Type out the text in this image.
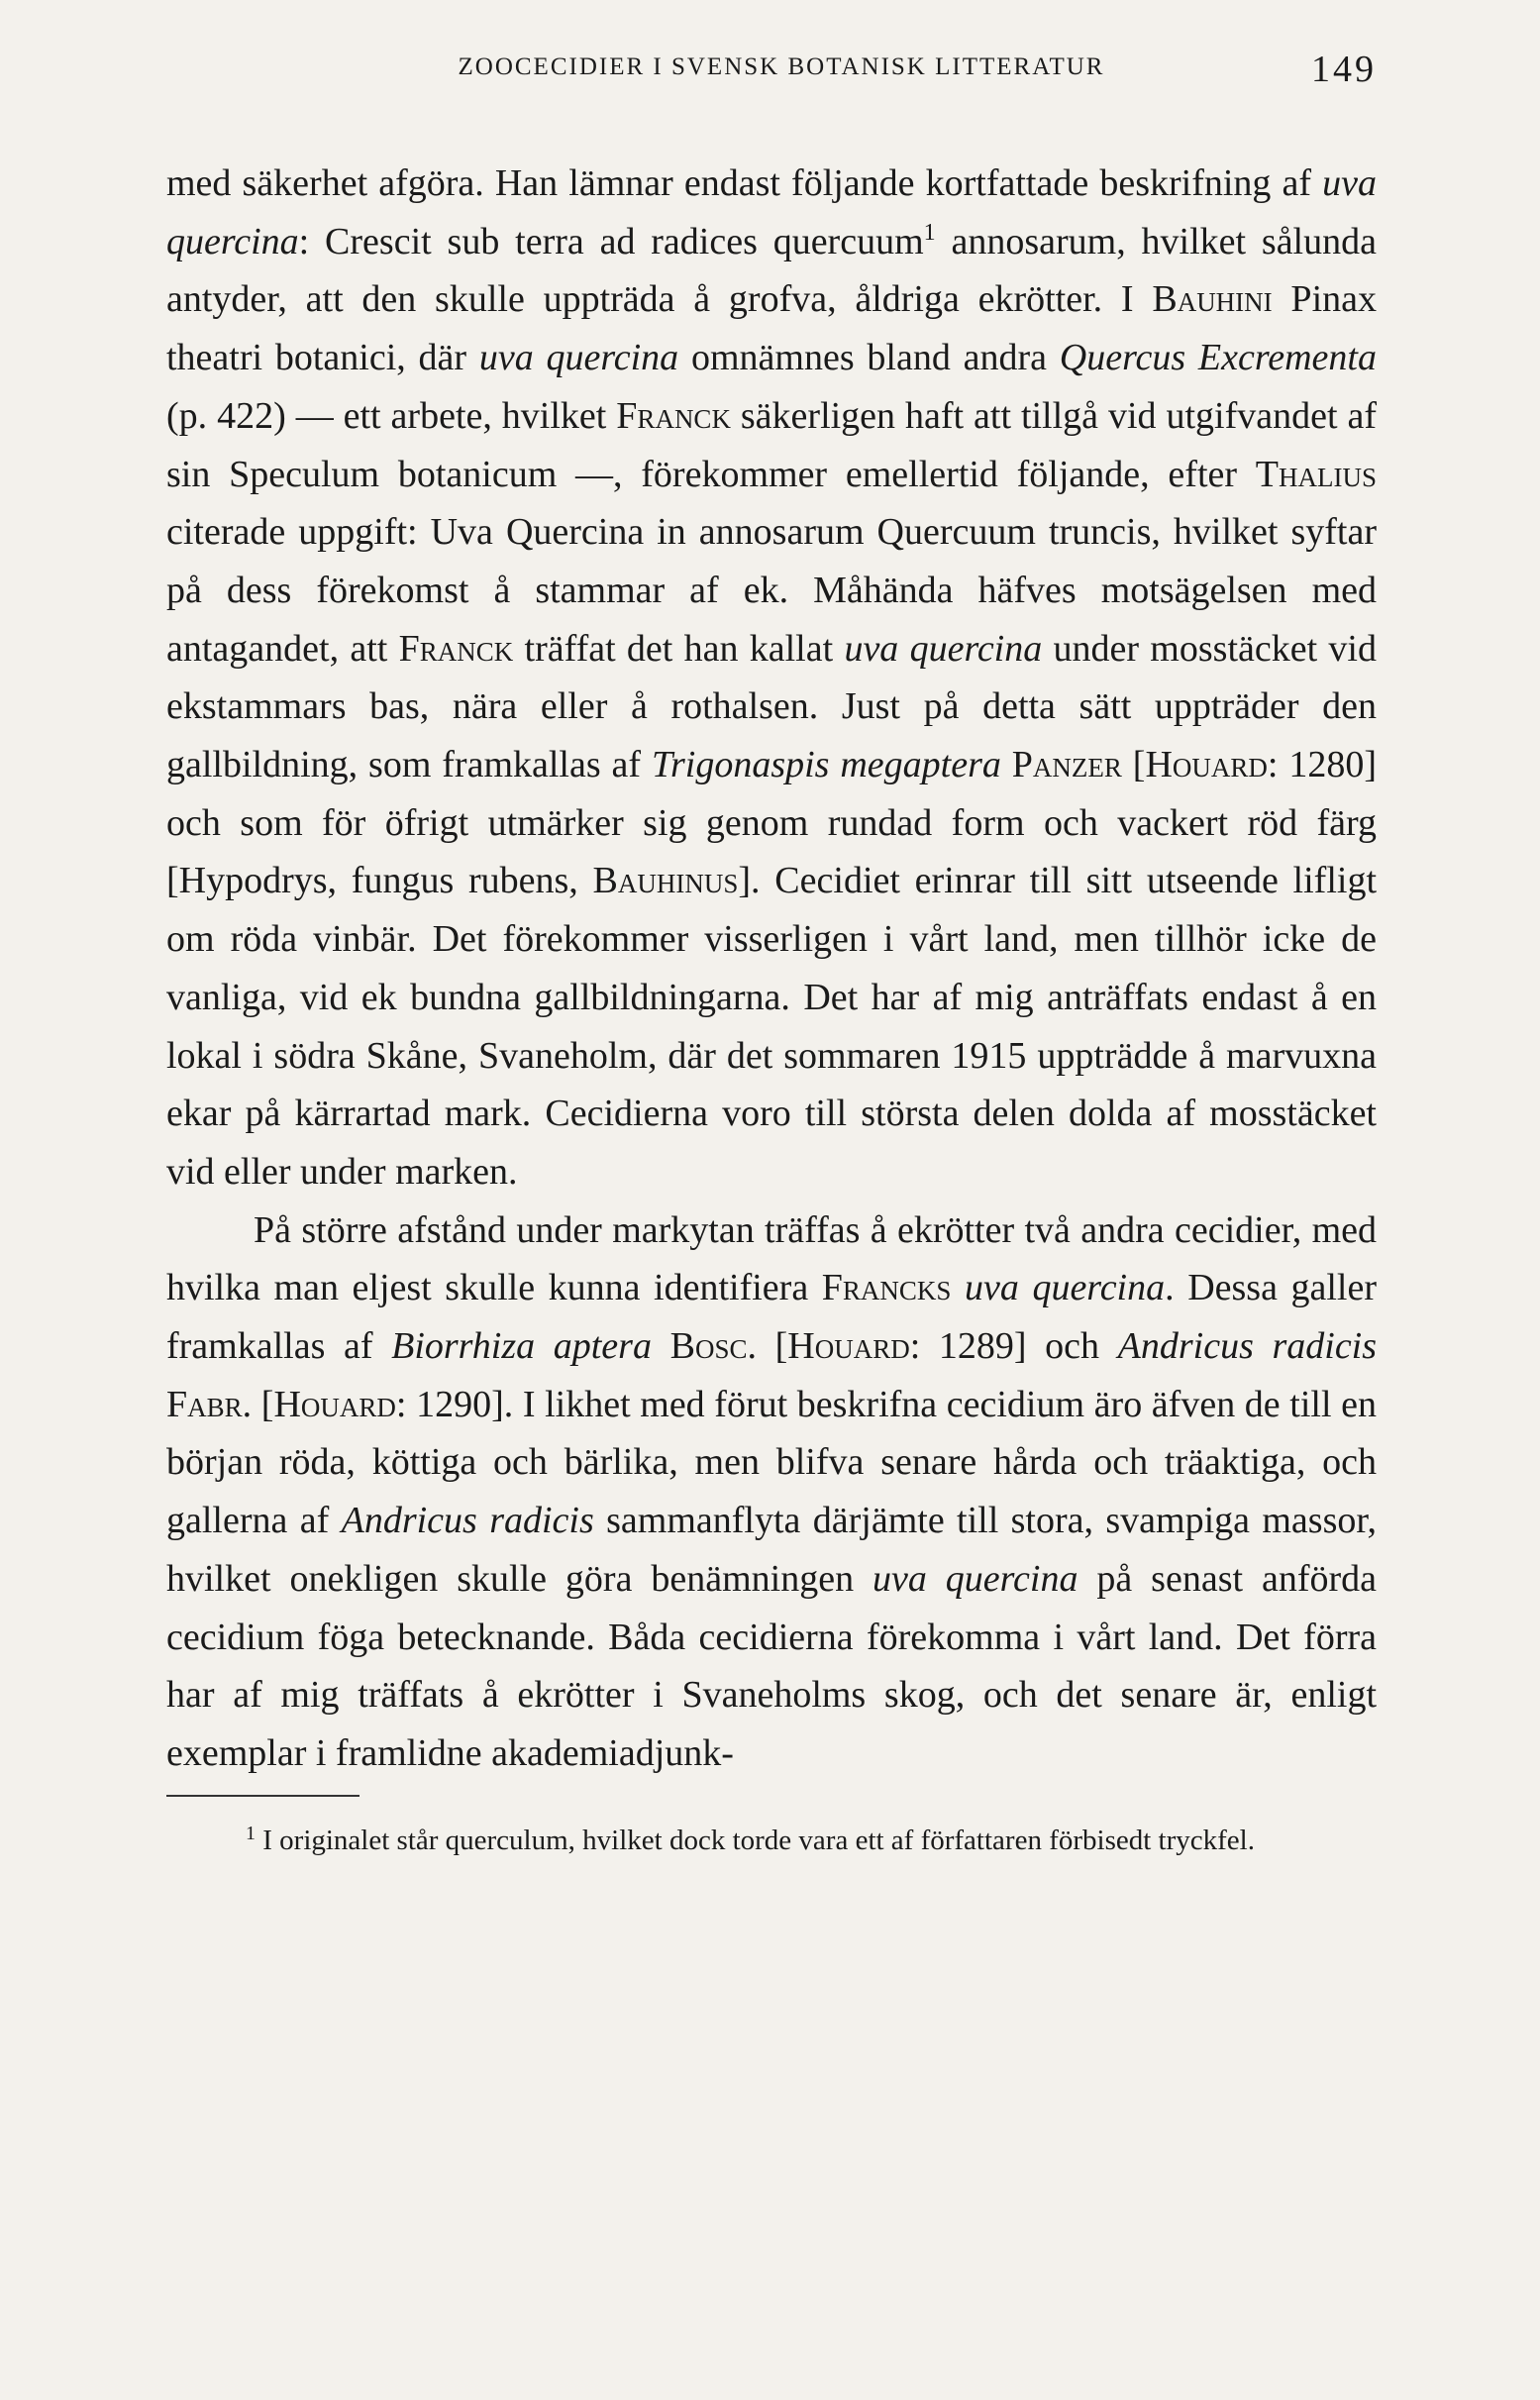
ZOOCECIDIER I SVENSK BOTANISK LITTERATUR	149

med säkerhet afgöra. Han lämnar endast följande kortfattade beskrifning af uva quercina: Crescit sub terra ad radices quercuum$^1$ annosarum, hvilket sålunda antyder, att den skulle uppträda å grofva, åldriga ekrötter. I Bauhini Pinax theatri botanici, där uva quercina omnämnes bland andra Quercus Excrementa (p. 422) — ett arbete, hvilket Franck säkerligen haft att tillgå vid utgifvandet af sin Speculum botanicum —, förekommer emellertid följande, efter Thalius citerade uppgift: Uva Quercina in annosarum Quercuum truncis, hvilket syftar på dess förekomst å stammar af ek. Måhända häfves motsägelsen med antagandet, att Franck träffat det han kallat uva quercina under mosstäcket vid ekstammars bas, nära eller å rothalsen. Just på detta sätt uppträder den gallbildning, som framkallas af Trigonaspis megaptera Panzer [Houard: 1280] och som för öfrigt utmärker sig genom rundad form och vackert röd färg [Hypodrys, fungus rubens, Bauhinus]. Cecidiet erinrar till sitt utseende lifligt om röda vinbär. Det förekommer visserligen i vårt land, men tillhör icke de vanliga, vid ek bundna gallbildningarna. Det har af mig anträffats endast å en lokal i södra Skåne, Svaneholm, där det sommaren 1915 uppträdde å marvuxna ekar på kärrartad mark. Cecidierna voro till största delen dolda af mosstäcket vid eller under marken.

På större afstånd under markytan träffas å ekrötter två andra cecidier, med hvilka man eljest skulle kunna identifiera Francks uva quercina. Dessa galler framkallas af Biorrhiza aptera Bosc. [Houard: 1289] och Andricus radicis Fabr. [Houard: 1290]. I likhet med förut beskrifna cecidium äro äfven de till en början röda, köttiga och bärlika, men blifva senare hårda och träaktiga, och gallerna af Andricus radicis sammanflyta därjämte till stora, svampiga massor, hvilket onekligen skulle göra benämningen uva quercina på senast anförda cecidium föga betecknande. Båda cecidierna förekomma i vårt land. Det förra har af mig träffats å ekrötter i Svaneholms skog, och det senare är, enligt exemplar i framlidne akademiadjunk-

$^1$ I originalet står querculum, hvilket dock torde vara ett af författaren förbisedt tryckfel.
